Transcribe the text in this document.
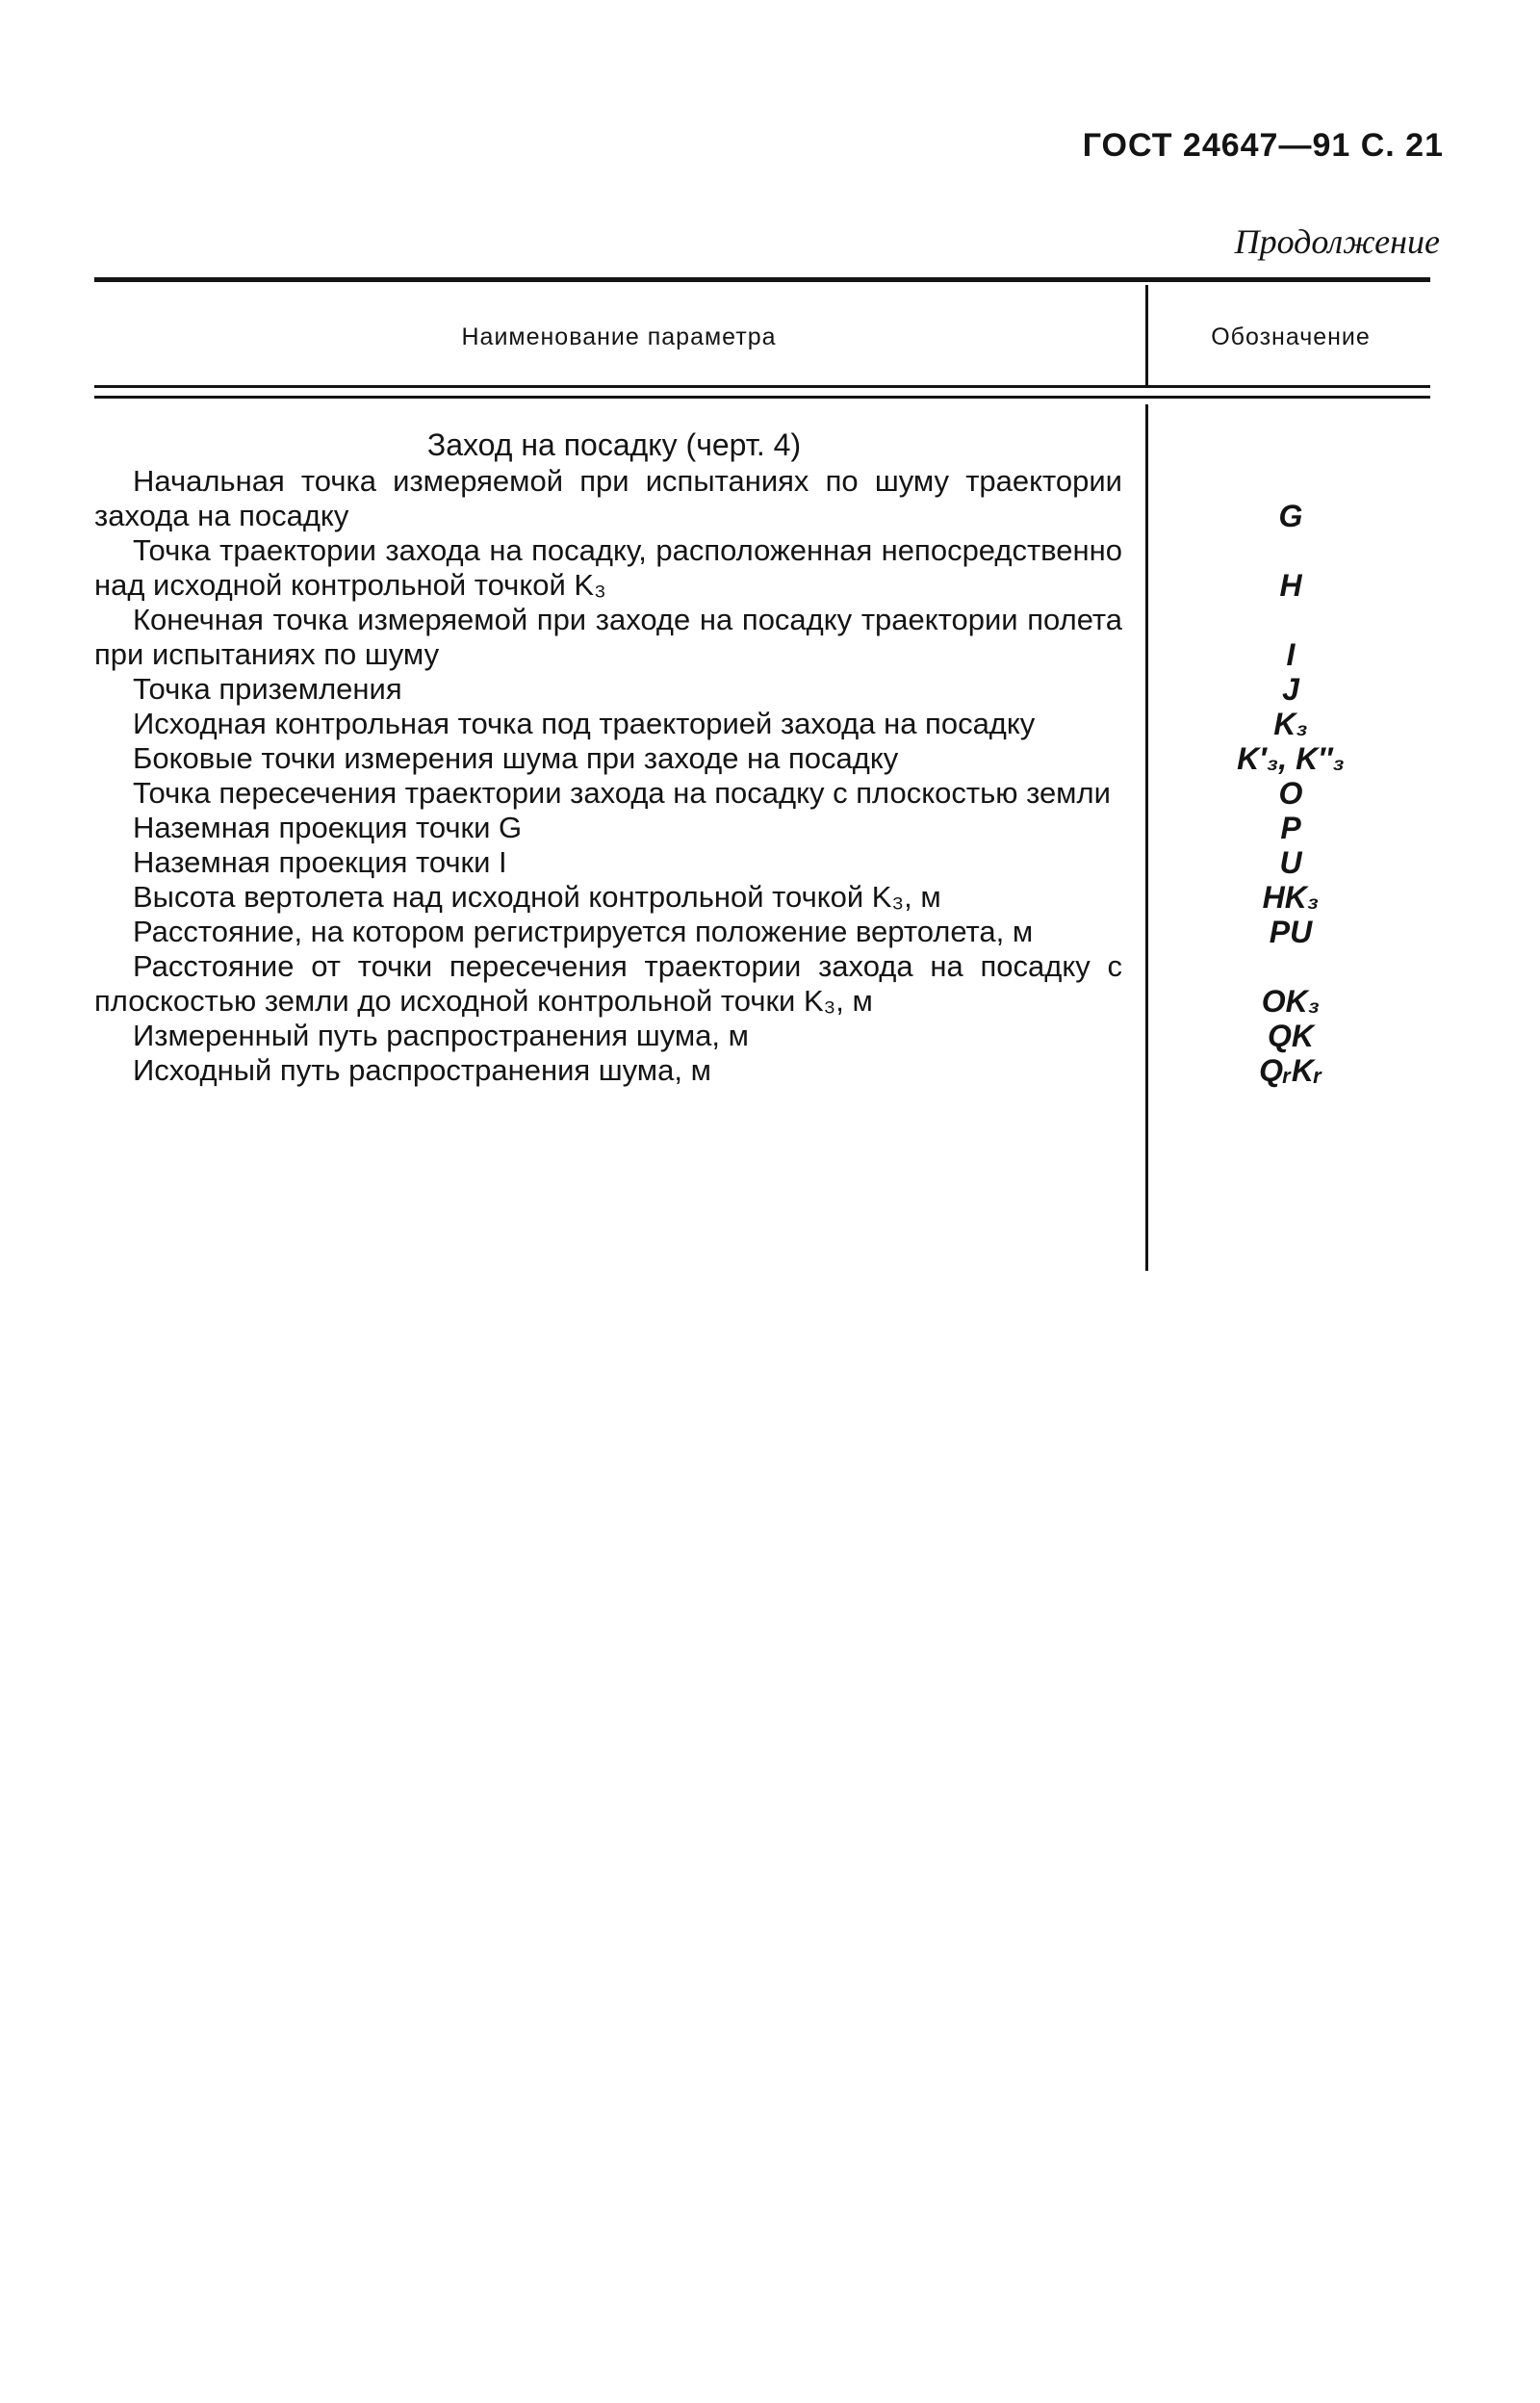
ГОСТ 24647—91 С. 21
Продолжение
Наименование параметра	Обозначение
Заход на посадку (черт. 4)
Начальная точка измеряемой при испытаниях по шуму траектории захода на посадку	G
Точка траектории захода на посадку, расположенная непосредственно над исходной контрольной точкой K₃	H
Конечная точка измеряемой при заходе на посадку траектории полета при испытаниях по шуму	I
Точка приземления	J
Исходная контрольная точка под траекторией захода на посадку	K₃
Боковые точки измерения шума при заходе на посадку	K′₃, K″₃
Точка пересечения траектории захода на посадку с плоскостью земли	O
Наземная проекция точки G	P
Наземная проекция точки I	U
Высота вертолета над исходной контрольной точкой K₃, м	HK₃
Расстояние, на котором регистрируется положение вертолета, м	PU
Расстояние от точки пересечения траектории захода на посадку с плоскостью земли до исходной контрольной точки K₃, м	OK₃
Измеренный путь распространения шума, м	QK
Исходный путь распространения шума, м	QᵣKᵣ
